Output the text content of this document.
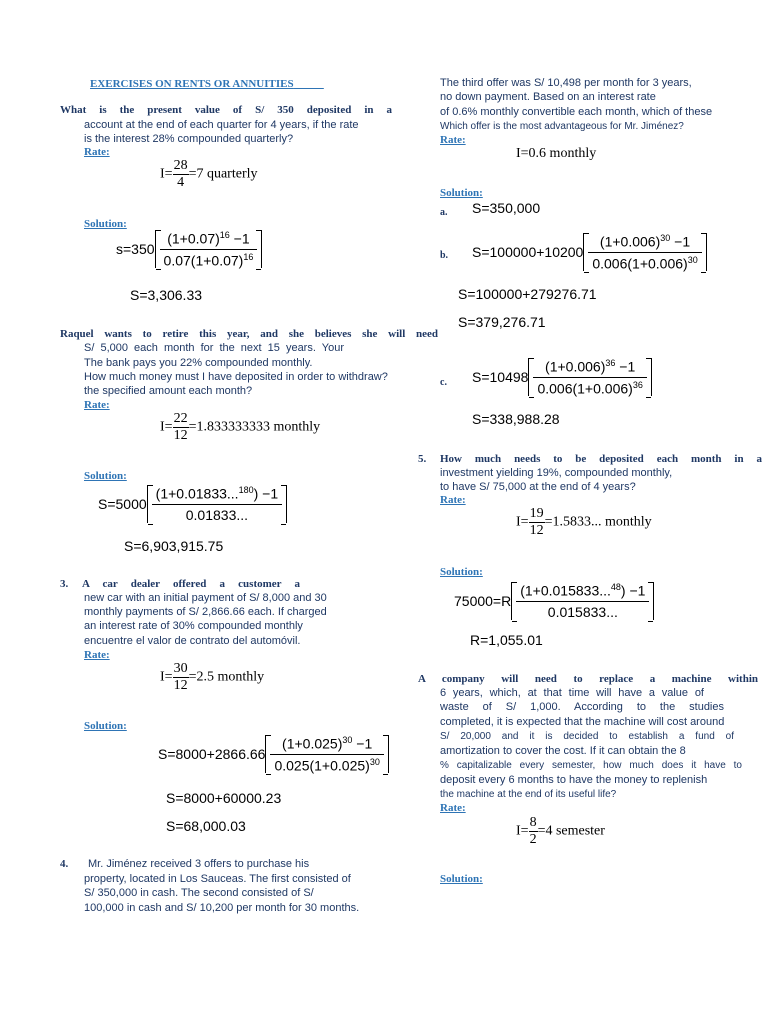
EXERCISES ON RENTS OR ANNUITIES
What is the present value of S/ 350 deposited in a
account at the end of each quarter for 4 years, if the rate
is the interest 28% compounded quarterly?
Rate:
$I= \frac{28}{4} =7$ quarterly
Solution:
$s=350 \frac{(1+0.07)^{16} -1}{0.07(1+0.07)^{16}}$
S=3,306.33
Raquel wants to retire this year, and she believes she will need
S/ 5,000 each month for the next 15 years. Your
The bank pays you 22% compounded monthly.
How much money must I have deposited in order to withdraw?
the specified amount each month?
Rate:
$I= \frac{22}{12} =1.833333333$ monthly
Solution:
$S=5000 \frac{(1+0.01833...^{180}) -1}{0.01833...}$
S=6,903,915.75
3. A car dealer offered a customer a
new car with an initial payment of S/ 8,000 and 30
monthly payments of S/ 2,866.66 each. If charged
an interest rate of 30% compounded monthly
encuentre el valor de contrato del automóvil.
Rate:
$I= \frac{30}{12} =2.5$ monthly
Solution:
$S=8000+2866.66 \frac{(1+0.025)^{30} -1}{0.025(1+0.025)^{30}}$
S=8000+60000.23
S=68,000.03
4. Mr. Jiménez received 3 offers to purchase his
property, located in Los Sauceas. The first consisted of
S/ 350,000 in cash. The second consisted of S/
100,000 in cash and S/ 10,200 per month for 30 months.
The third offer was S/ 10,498 per month for 3 years,
no down payment. Based on an interest rate
of 0.6% monthly convertible each month, which of these
Which offer is the most advantageous for Mr. Jiménez?
Rate:
I=0.6 monthly
Solution:
a. S=350,000
b. $S=100000+10200 \frac{(1+0.006)^{30} -1}{0.006(1+0.006)^{30}}$
S=100000+279276.71
S=379,276.71
c. $S=10498 \frac{(1+0.006)^{36} -1}{0.006(1+0.006)^{36}}$
S=338,988.28
5. How much needs to be deposited each month in a
investment yielding 19%, compounded monthly,
to have S/ 75,000 at the end of 4 years?
Rate:
$I= \frac{19}{12} =1.5833$... monthly
Solution:
$75000=R \frac{(1+0.015833...^{48}) -1}{0.015833...}$
R=1,055.01
A company will need to replace a machine within
6 years, which, at that time will have a value of
waste of S/ 1,000. According to the studies
completed, it is expected that the machine will cost around
S/ 20,000 and it is decided to establish a fund of
amortization to cover the cost. If it can obtain the 8
% capitalizable every semester, how much does it have to
deposit every 6 months to have the money to replenish
the machine at the end of its useful life?
Rate:
$I= \frac{8}{2} =4$ semester
Solution:
